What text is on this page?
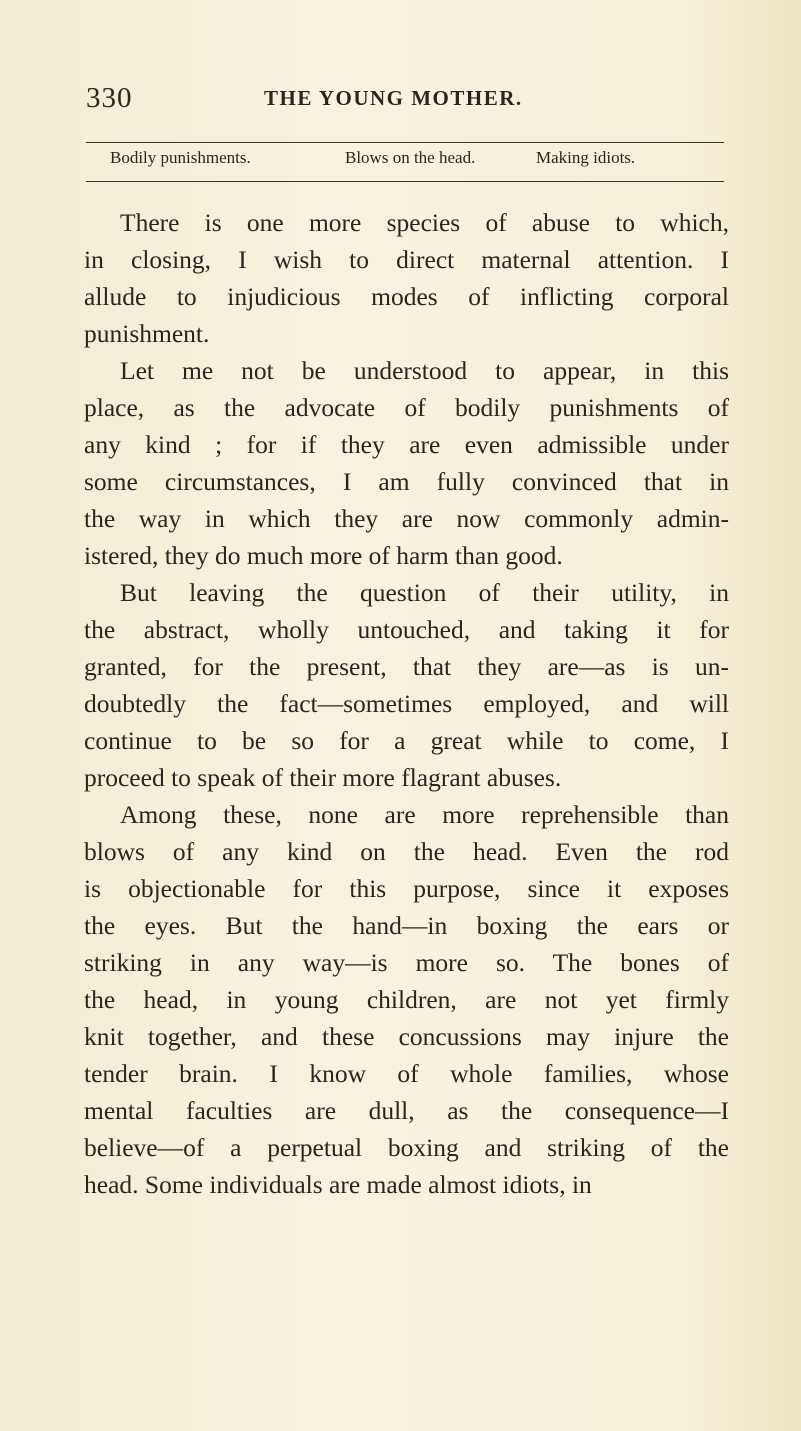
330	THE YOUNG MOTHER.
Bodily punishments.	Blows on the head.	Making idiots.
There is one more species of abuse to which,
in closing, I wish to direct maternal attention. I
allude to injudicious modes of inflicting corporal
punishment.
Let me not be understood to appear, in this
place, as the advocate of bodily punishments of
any kind ; for if they are even admissible under
some circumstances, I am fully convinced that in
the way in which they are now commonly admin-
istered, they do much more of harm than good.
But leaving the question of their utility, in
the abstract, wholly untouched, and taking it for
granted, for the present, that they are—as is un-
doubtedly the fact—sometimes employed, and will
continue to be so for a great while to come, I
proceed to speak of their more flagrant abuses.
Among these, none are more reprehensible than
blows of any kind on the head. Even the rod
is objectionable for this purpose, since it exposes
the eyes. But the hand—in boxing the ears or
striking in any way—is more so. The bones of
the head, in young children, are not yet firmly
knit together, and these concussions may injure the
tender brain. I know of whole families, whose
mental faculties are dull, as the consequence—I
believe—of a perpetual boxing and striking of the
head. Some individuals are made almost idiots, in
